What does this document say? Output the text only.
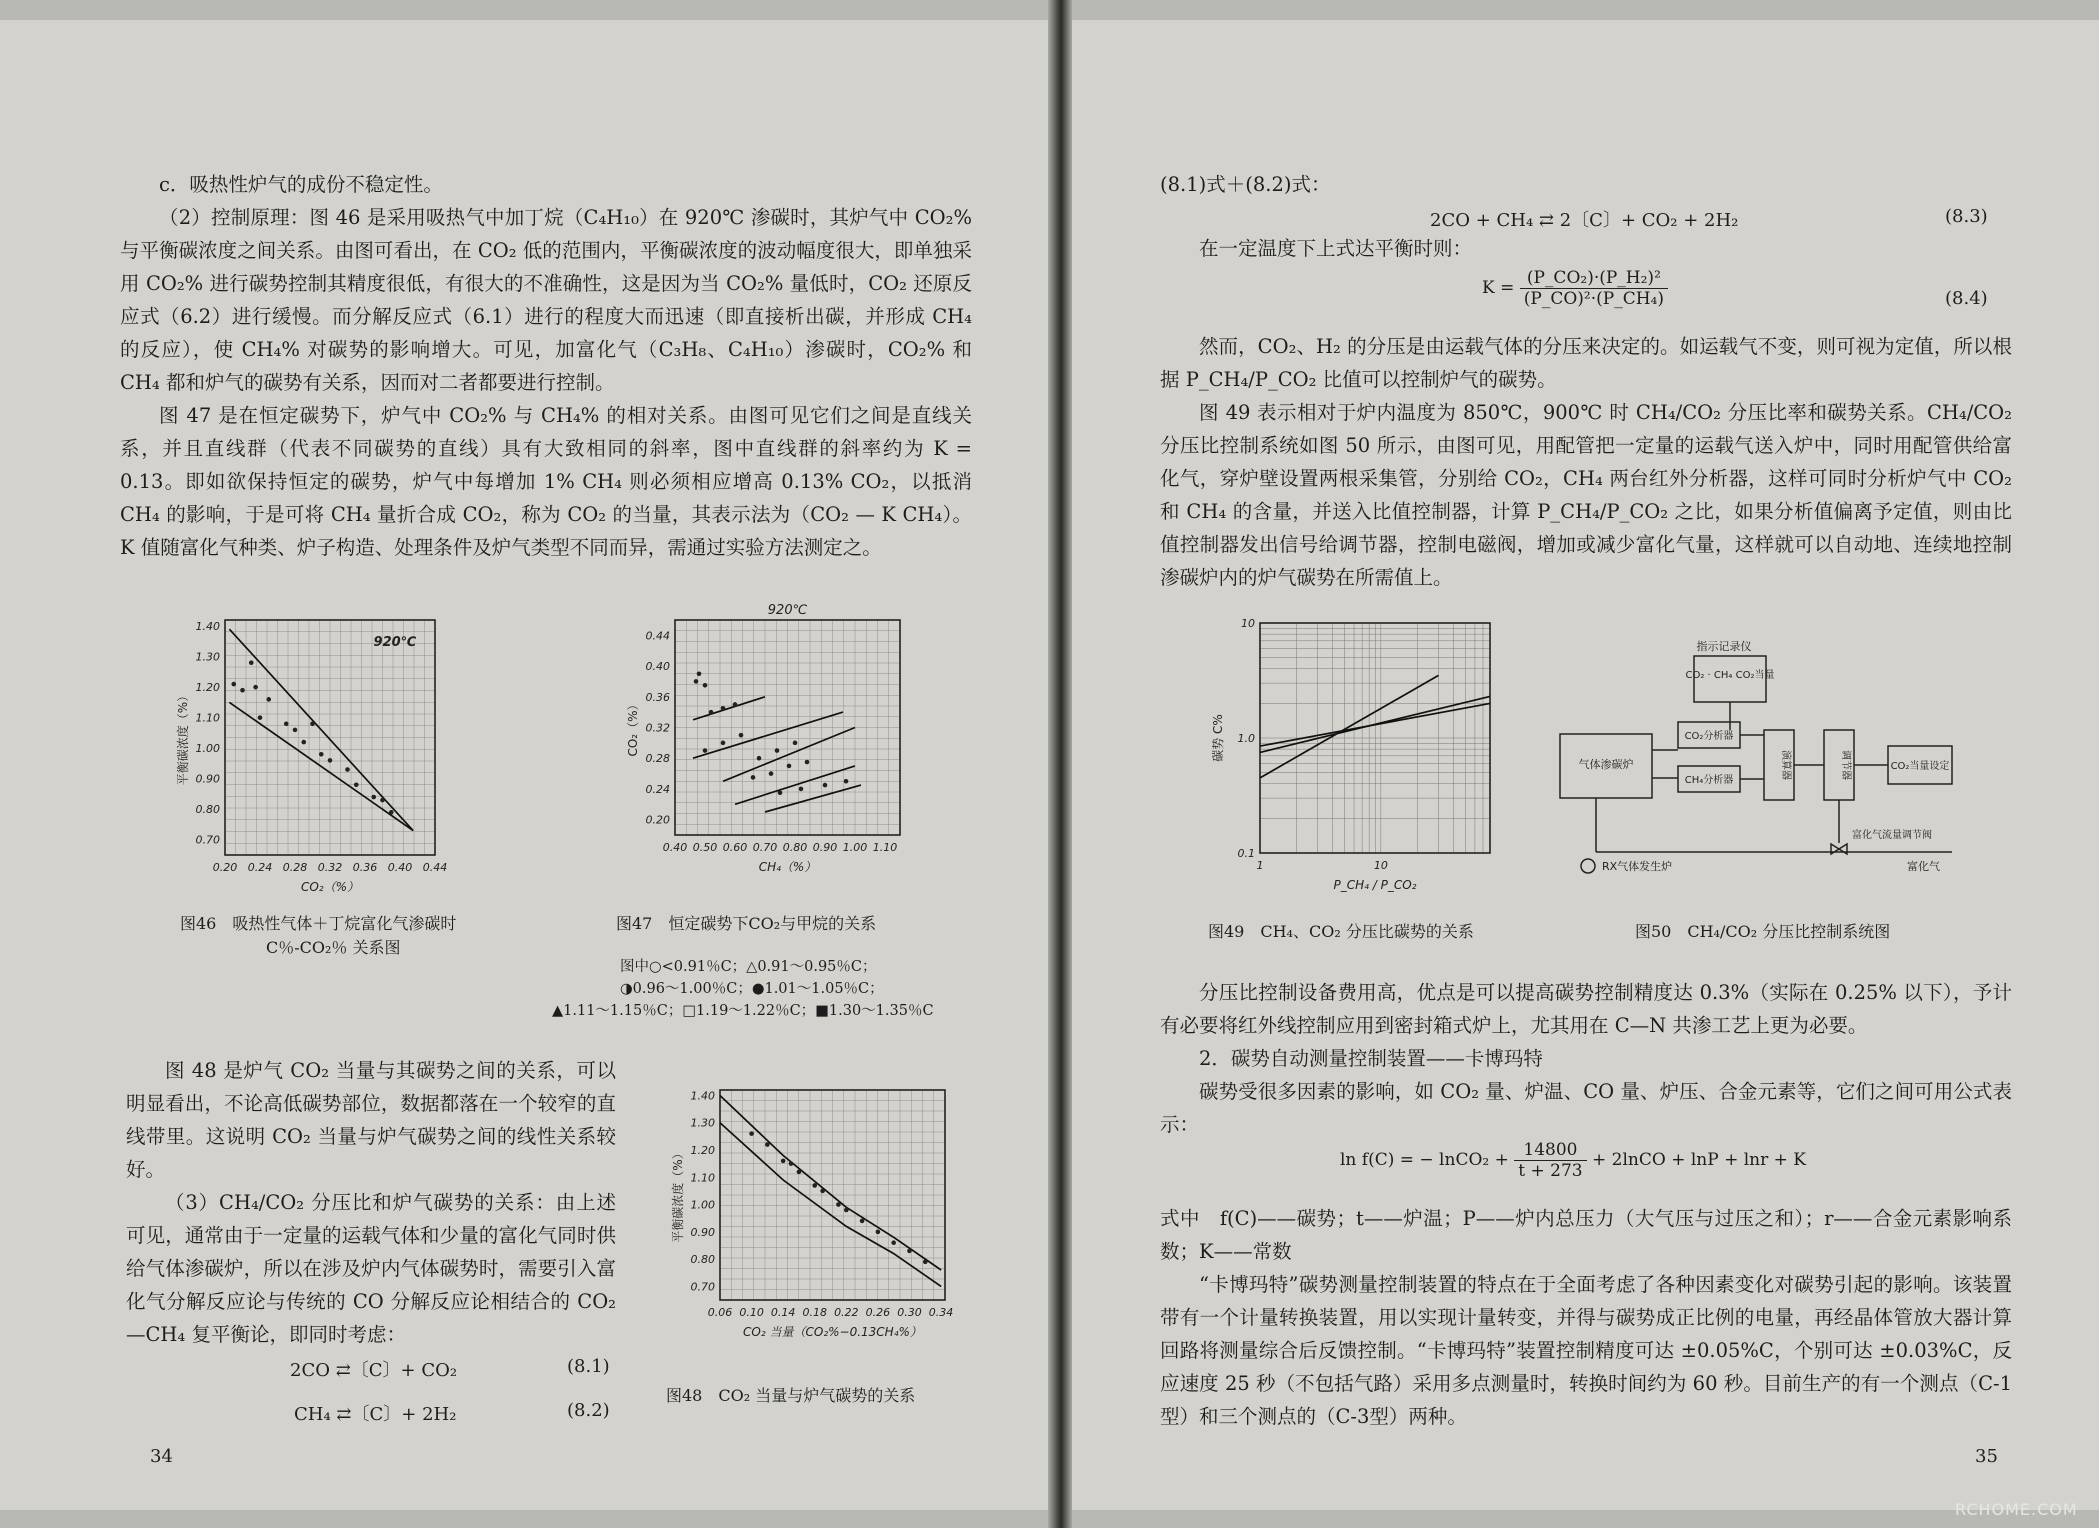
c．吸热性炉气的成份不稳定性。

（2）控制原理：图 46 是采用吸热气中加丁烷（C₄H₁₀）在 920℃ 渗碳时，其炉气中 CO₂% 与平衡碳浓度之间关系。由图可看出，在 CO₂ 低的范围内，平衡碳浓度的波动幅度很大，即单独采用 CO₂% 进行碳势控制其精度很低，有很大的不准确性，这是因为当 CO₂% 量低时，CO₂ 还原反应式（6.2）进行缓慢。而分解反应式（6.1）进行的程度大而迅速（即直接析出碳，并形成 CH₄ 的反应），使 CH₄% 对碳势的影响增大。可见，加富化气（C₃H₈、C₄H₁₀）渗碳时，CO₂% 和 CH₄ 都和炉气的碳势有关系，因而对二者都要进行控制。

图 47 是在恒定碳势下，炉气中 CO₂% 与 CH₄% 的相对关系。由图可见它们之间是直线关系，并且直线群（代表不同碳势的直线）具有大致相同的斜率，图中直线群的斜率约为 K = 0.13。即如欲保持恒定的碳势，炉气中每增加 1% CH₄ 则必须相应增高 0.13% CO₂，以抵消 CH₄ 的影响，于是可将 CH₄ 量折合成 CO₂，称为 CO₂ 的当量，其表示法为（CO₂ — K CH₄）。K 值随富化气种类、炉子构造、处理条件及炉气类型不同而异，需通过实验方法测定之。

0.20 0.24 0.28 0.32 0.36 0.40 0.44
0.70
0.80
0.90
1.00
1.10
1.20
1.30
1.40
CO₂（%）
平衡碳浓度（%）
920℃
图46　吸热性气体＋丁烷富化气渗碳时
C％-CO₂％ 关系图
0.40 0.50 0.60 0.70 0.80 0.90 1.00 1.10
0.20
0.24
0.28
0.32
0.36
0.40
0.44
CH₄（%）
CO₂（%）
920℃
图47　恒定碳势下CO₂与甲烷的关系
图中○<0.91％C；△0.91～0.95％C；
◑0.96～1.00％C；●1.01～1.05％C；
▲1.11～1.15％C；□1.19～1.22％C；■1.30～1.35％C

图 48 是炉气 CO₂ 当量与其碳势之间的关系，可以明显看出，不论高低碳势部位，数据都落在一个较窄的直线带里。这说明 CO₂ 当量与炉气碳势之间的线性关系较好。

（3）CH₄/CO₂ 分压比和炉气碳势的关系：由上述可见，通常由于一定量的运载气体和少量的富化气同时供给气体渗碳炉，所以在涉及炉内气体碳势时，需要引入富化气分解反应论与传统的 CO 分解反应论相结合的 CO₂—CH₄ 复平衡论，即同时考虑：

2CO ⇄〔C〕+ CO₂	(8.1)
CH₄ ⇄〔C〕+ 2H₂	(8.2)
0.06 0.10 0.14 0.18 0.22 0.26 0.30 0.34
0.70
0.80
0.90
1.00
1.10
1.20
1.30
1.40
CO₂ 当量（CO₂%−0.13CH₄%）
平衡碳浓度（%）
图48　CO₂ 当量与炉气碳势的关系
34

(8.1)式＋(8.2)式：

2CO + CH₄ ⇄ 2〔C〕+ CO₂ + 2H₂	(8.3)

在一定温度下上式达平衡时则：

$K = \frac{\text{(P\_CO₂)·(P\_H₂)²}}{\text{(P\_CO)²·(P\_CH₄)}}$	(8.4)

然而，CO₂、H₂ 的分压是由运载气体的分压来决定的。如运载气不变，则可视为定值，所以根据 P_CH₄/P_CO₂ 比值可以控制炉气的碳势。

图 49 表示相对于炉内温度为 850℃，900℃ 时 CH₄/CO₂ 分压比率和碳势关系。CH₄/CO₂ 分压比控制系统如图 50 所示，由图可见，用配管把一定量的运载气送入炉中，同时用配管供给富化气，穿炉壁设置两根采集管，分别给 CO₂，CH₄ 两台红外分析器，这样可同时分析炉气中 CO₂ 和 CH₄ 的含量，并送入比值控制器，计算 P_CH₄/P_CO₂ 之比，如果分析值偏离予定值，则由比值控制器发出信号给调节器，控制电磁阀，增加或减少富化气量，这样就可以自动地、连续地控制渗碳炉内的炉气碳势在所需值上。

1	10
0.1
1.0
10
P_CH₄ / P_CO₂
碳势 C%
图49　CH₄、CO₂ 分压比碳势的关系
指示记录仪
CO₂ · CH₄ CO₂当量
气体渗碳炉
CO₂分析器
CH₄分析器
演算器	调节器	CO₂当量设定
RX气体发生炉
富化气流量调节阀
富化气
图50　CH₄/CO₂ 分压比控制系统图

分压比控制设备费用高，优点是可以提高碳势控制精度达 0.3%（实际在 0.25% 以下），予计有必要将红外线控制应用到密封箱式炉上，尤其用在 C—N 共渗工艺上更为必要。

2．碳势自动测量控制装置——卡博玛特

碳势受很多因素的影响，如 CO₂ 量、炉温、CO 量、炉压、合金元素等，它们之间可用公式表示：

ln f(C) = − lnCO₂ + $\frac{14800}{t + 273}$ + 2lnCO + lnP + lnr + K

式中　f(C)——碳势；t——炉温；P——炉内总压力（大气压与过压之和）；r——合金元素影响系数；K——常数

“卡博玛特”碳势测量控制装置的特点在于全面考虑了各种因素变化对碳势引起的影响。该装置带有一个计量转换装置，用以实现计量转变，并得与碳势成正比例的电量，再经晶体管放大器计算回路将测量综合后反馈控制。“卡博玛特”装置控制精度可达 ±0.05%C，个别可达 ±0.03%C，反应速度 25 秒（不包括气路）采用多点测量时，转换时间约为 60 秒。目前生产的有一个测点（C-1型）和三个测点的（C-3型）两种。

35
RCHOME.COM
